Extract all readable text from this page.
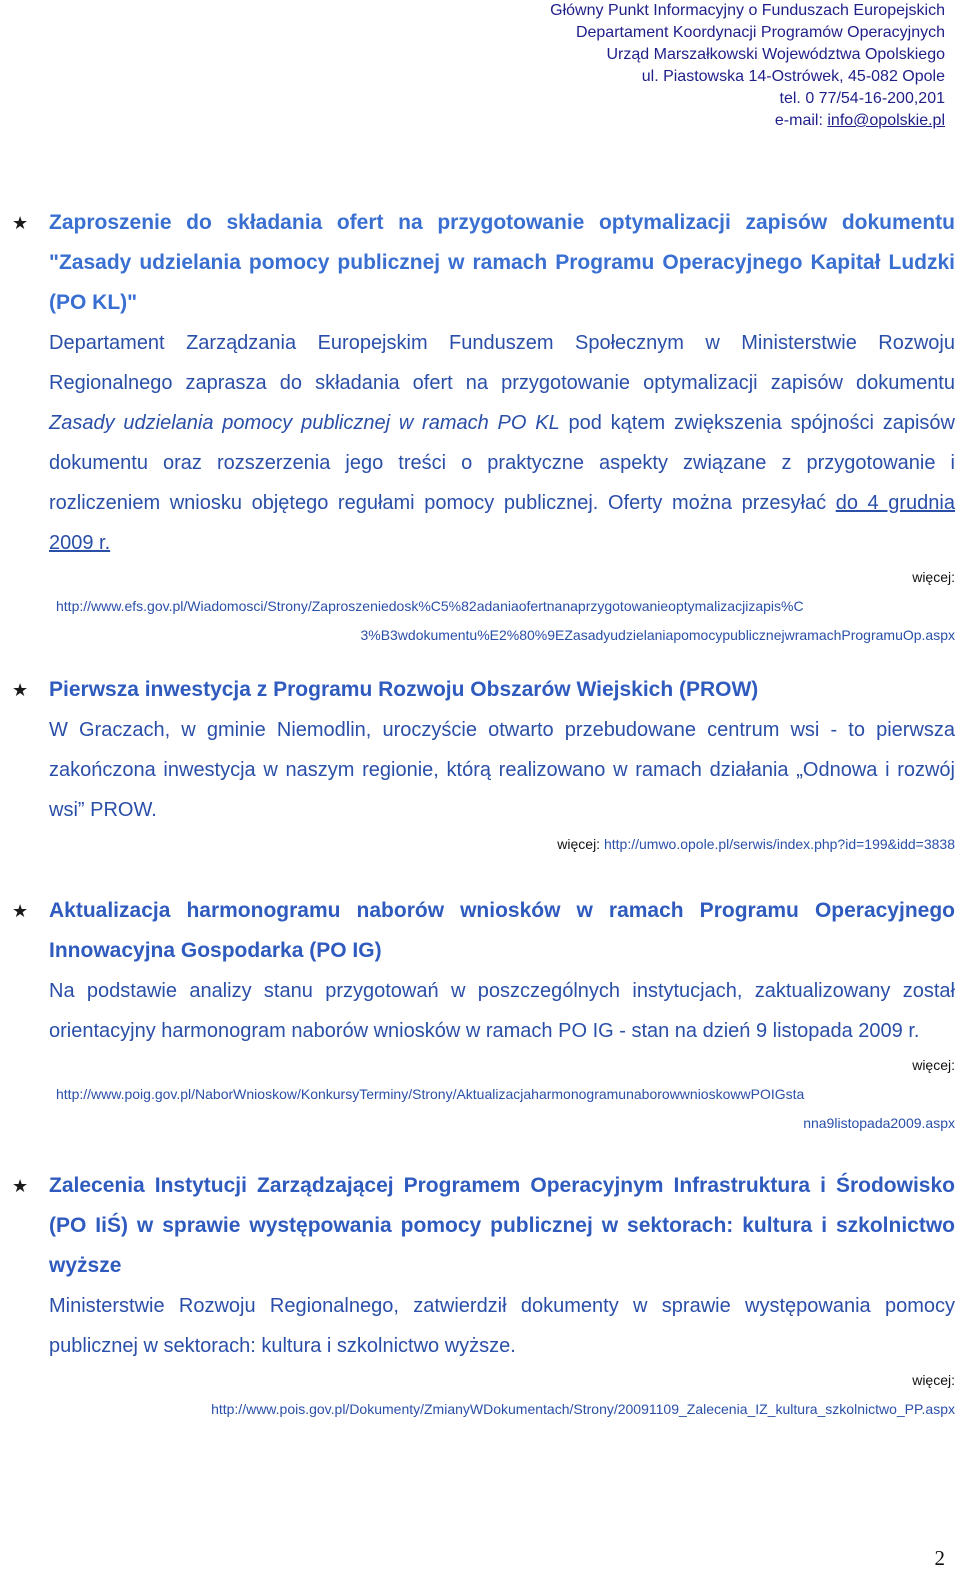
Główny Punkt Informacyjny o Funduszach Europejskich
Departament Koordynacji Programów Operacyjnych
Urząd Marszałkowski Województwa Opolskiego
ul. Piastowska 14-Ostrówek, 45-082 Opole
tel. 0 77/54-16-200,201
e-mail: info@opolskie.pl
★ Zaproszenie do składania ofert na przygotowanie optymalizacji zapisów dokumentu "Zasady udzielania pomocy publicznej w ramach Programu Operacyjnego Kapitał Ludzki (PO KL)"
Departament Zarządzania Europejskim Funduszem Społecznym w Ministerstwie Rozwoju Regionalnego zaprasza do składania ofert na przygotowanie optymalizacji zapisów dokumentu Zasady udzielania pomocy publicznej w ramach PO KL pod kątem zwiększenia spójności zapisów dokumentu oraz rozszerzenia jego treści o praktyczne aspekty związane z przygotowanie i rozliczeniem wniosku objętego regułami pomocy publicznej. Oferty można przesyłać do 4 grudnia 2009 r.
więcej:
http://www.efs.gov.pl/Wiadomosci/Strony/Zaproszeniedosk%C5%82adaniaofertnanaprzygotowanieoptymalizacjizapis%C
3%B3wdokumentu%E2%80%9EZasadyudzielaniapomocypublicznejwramachProgramuOp.aspx
★ Pierwsza inwestycja z Programu Rozwoju Obszarów Wiejskich (PROW)
W Graczach, w gminie Niemodlin, uroczyście otwarto przebudowane centrum wsi - to pierwsza zakończona inwestycja w naszym regionie, którą realizowano w ramach działania „Odnowa i rozwój wsi” PROW.
więcej: http://umwo.opole.pl/serwis/index.php?id=199&idd=3838
★ Aktualizacja harmonogramu naborów wniosków w ramach Programu Operacyjnego Innowacyjna Gospodarka (PO IG)
Na podstawie analizy stanu przygotowań w poszczególnych instytucjach, zaktualizowany został orientacyjny harmonogram naborów wniosków w ramach PO IG - stan na dzień 9 listopada 2009 r.
więcej:
http://www.poig.gov.pl/NaborWnioskow/KonkursyTerminy/Strony/AktualizacjaharmonogramunaborowwnioskowwPOIGsta
nna9listopada2009.aspx
★ Zalecenia Instytucji Zarządzającej Programem Operacyjnym Infrastruktura i Środowisko (PO IiŚ) w sprawie występowania pomocy publicznej w sektorach: kultura i szkolnictwo wyższe
Ministerstwie Rozwoju Regionalnego, zatwierdził dokumenty w sprawie występowania pomocy publicznej w sektorach: kultura i szkolnictwo wyższe.
więcej:
http://www.pois.gov.pl/Dokumenty/ZmianyWDokumentach/Strony/20091109_Zalecenia_IZ_kultura_szkolnictwo_PP.aspx
2
